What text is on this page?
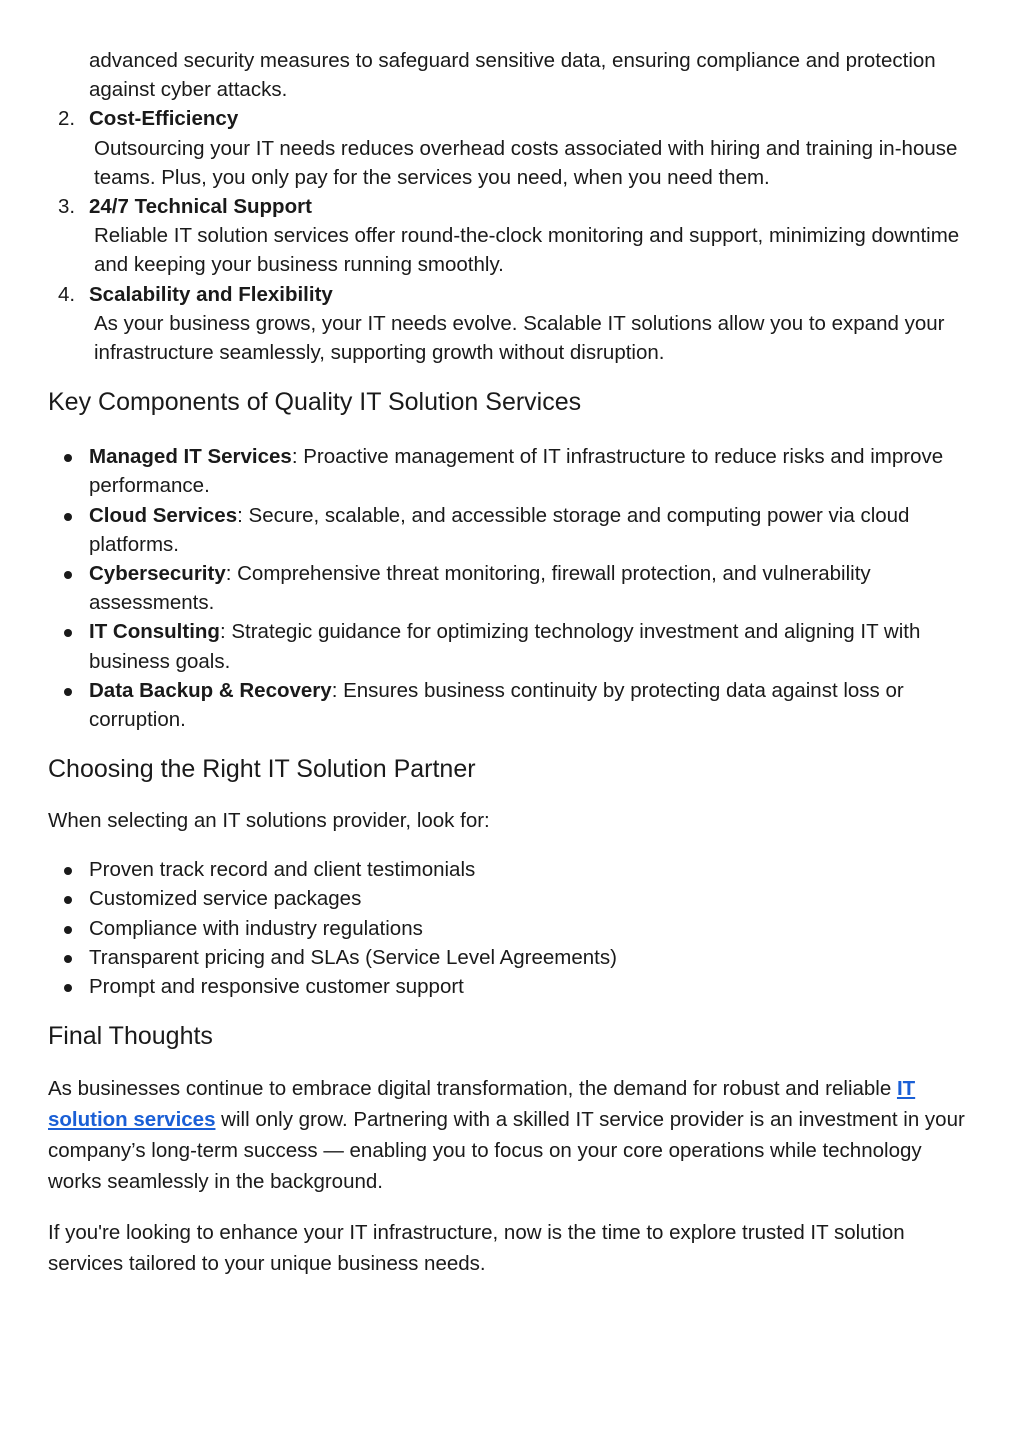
advanced security measures to safeguard sensitive data, ensuring compliance and protection against cyber attacks.
2. Cost-Efficiency
Outsourcing your IT needs reduces overhead costs associated with hiring and training in-house teams. Plus, you only pay for the services you need, when you need them.
3. 24/7 Technical Support
Reliable IT solution services offer round-the-clock monitoring and support, minimizing downtime and keeping your business running smoothly.
4. Scalability and Flexibility
As your business grows, your IT needs evolve. Scalable IT solutions allow you to expand your infrastructure seamlessly, supporting growth without disruption.
Key Components of Quality IT Solution Services
Managed IT Services: Proactive management of IT infrastructure to reduce risks and improve performance.
Cloud Services: Secure, scalable, and accessible storage and computing power via cloud platforms.
Cybersecurity: Comprehensive threat monitoring, firewall protection, and vulnerability assessments.
IT Consulting: Strategic guidance for optimizing technology investment and aligning IT with business goals.
Data Backup & Recovery: Ensures business continuity by protecting data against loss or corruption.
Choosing the Right IT Solution Partner

When selecting an IT solutions provider, look for:

Proven track record and client testimonials
Customized service packages
Compliance with industry regulations
Transparent pricing and SLAs (Service Level Agreements)
Prompt and responsive customer support
Final Thoughts

As businesses continue to embrace digital transformation, the demand for robust and reliable IT solution services will only grow. Partnering with a skilled IT service provider is an investment in your company’s long-term success — enabling you to focus on your core operations while technology works seamlessly in the background.

If you're looking to enhance your IT infrastructure, now is the time to explore trusted IT solution services tailored to your unique business needs.
